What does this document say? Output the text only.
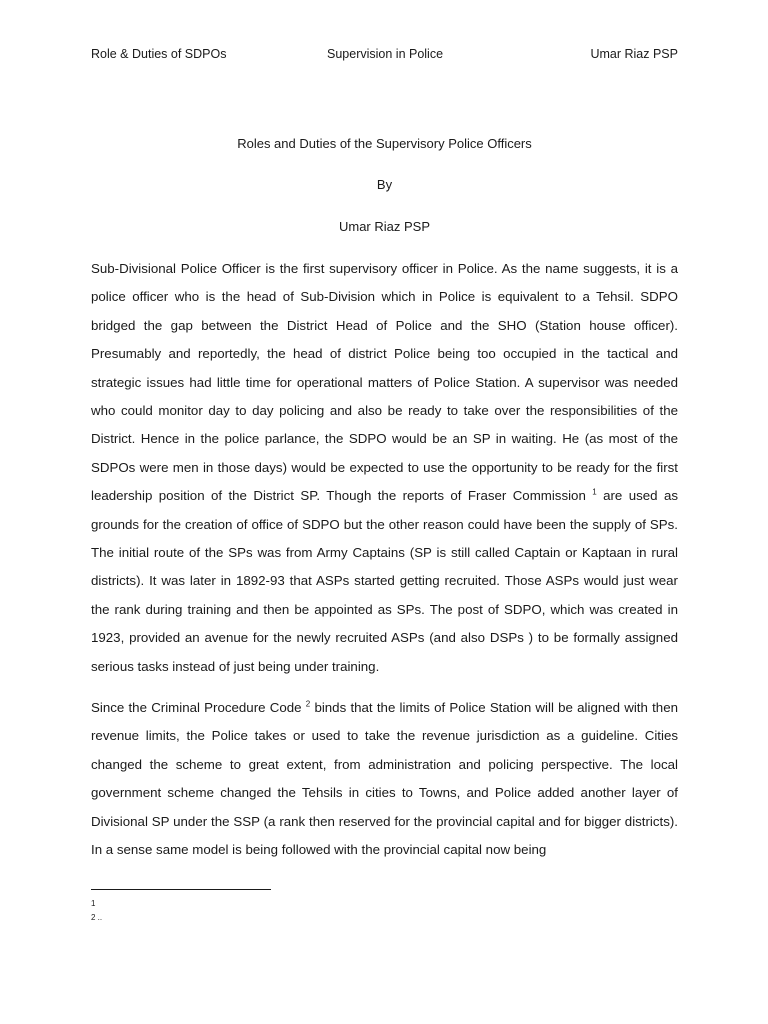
Role & Duties of SDPOs	Supervision in Police	Umar Riaz PSP
Roles and Duties of the Supervisory Police Officers
By
Umar Riaz PSP

Sub-Divisional Police Officer is the first supervisory officer in Police. As the name suggests, it is a police officer who is the head of Sub-Division which in Police is equivalent to a Tehsil. SDPO bridged the gap between the District Head of Police and the SHO (Station house officer). Presumably and reportedly, the head of district Police being too occupied in the tactical and strategic issues had little time for operational matters of Police Station. A supervisor was needed who could monitor day to day policing and also be ready to take over the responsibilities of the District. Hence in the police parlance, the SDPO would be an SP in waiting. He (as most of the SDPOs were men in those days) would be expected to use the opportunity to be ready for the first leadership position of the District SP. Though the reports of Fraser Commission $^1$ are used as grounds for the creation of office of SDPO but the other reason could have been the supply of SPs. The initial route of the SPs was from Army Captains (SP is still called Captain or Kaptaan in rural districts). It was later in 1892-93 that ASPs started getting recruited. Those ASPs would just wear the rank during training and then be appointed as SPs. The post of SDPO, which was created in 1923, provided an avenue for the newly recruited ASPs (and also DSPs ) to be formally assigned serious tasks instead of just being under training.

Since the Criminal Procedure Code $^2$ binds that the limits of Police Station will be aligned with then revenue limits, the Police takes or used to take the revenue jurisdiction as a guideline. Cities changed the scheme to great extent, from administration and policing perspective. The local government scheme changed the Tehsils in cities to Towns, and Police added another layer of Divisional SP under the SSP (a rank then reserved for the provincial capital and for bigger districts). In a sense same model is being followed with the provincial capital now being

1
2 ..
